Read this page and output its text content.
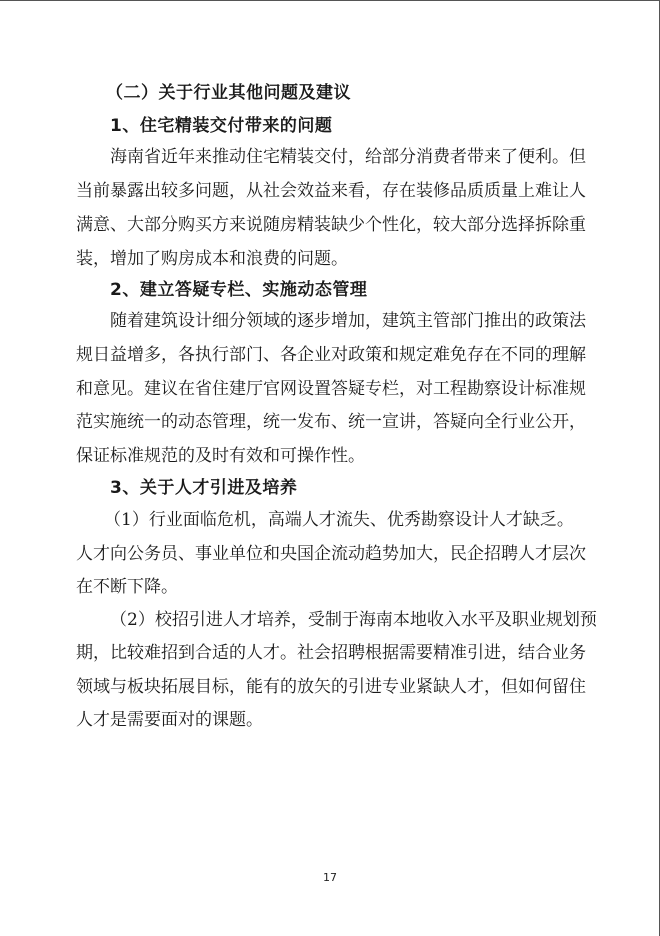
（二）关于行业其他问题及建议
1、住宅精装交付带来的问题
海南省近年来推动住宅精装交付，给部分消费者带来了便利。但
当前暴露出较多问题，从社会效益来看，存在装修品质质量上难让人
满意、大部分购买方来说随房精装缺少个性化，较大部分选择拆除重
装，增加了购房成本和浪费的问题。
2、建立答疑专栏、实施动态管理
随着建筑设计细分领域的逐步增加，建筑主管部门推出的政策法
规日益增多，各执行部门、各企业对政策和规定难免存在不同的理解
和意见。建议在省住建厅官网设置答疑专栏，对工程勘察设计标准规
范实施统一的动态管理，统一发布、统一宣讲，答疑向全行业公开，
保证标准规范的及时有效和可操作性。
3、关于人才引进及培养
（1）行业面临危机，高端人才流失、优秀勘察设计人才缺乏。
人才向公务员、事业单位和央国企流动趋势加大，民企招聘人才层次
在不断下降。
（2）校招引进人才培养，受制于海南本地收入水平及职业规划预
期，比较难招到合适的人才。社会招聘根据需要精准引进，结合业务
领域与板块拓展目标，能有的放矢的引进专业紧缺人才，但如何留住
人才是需要面对的课题。
17
